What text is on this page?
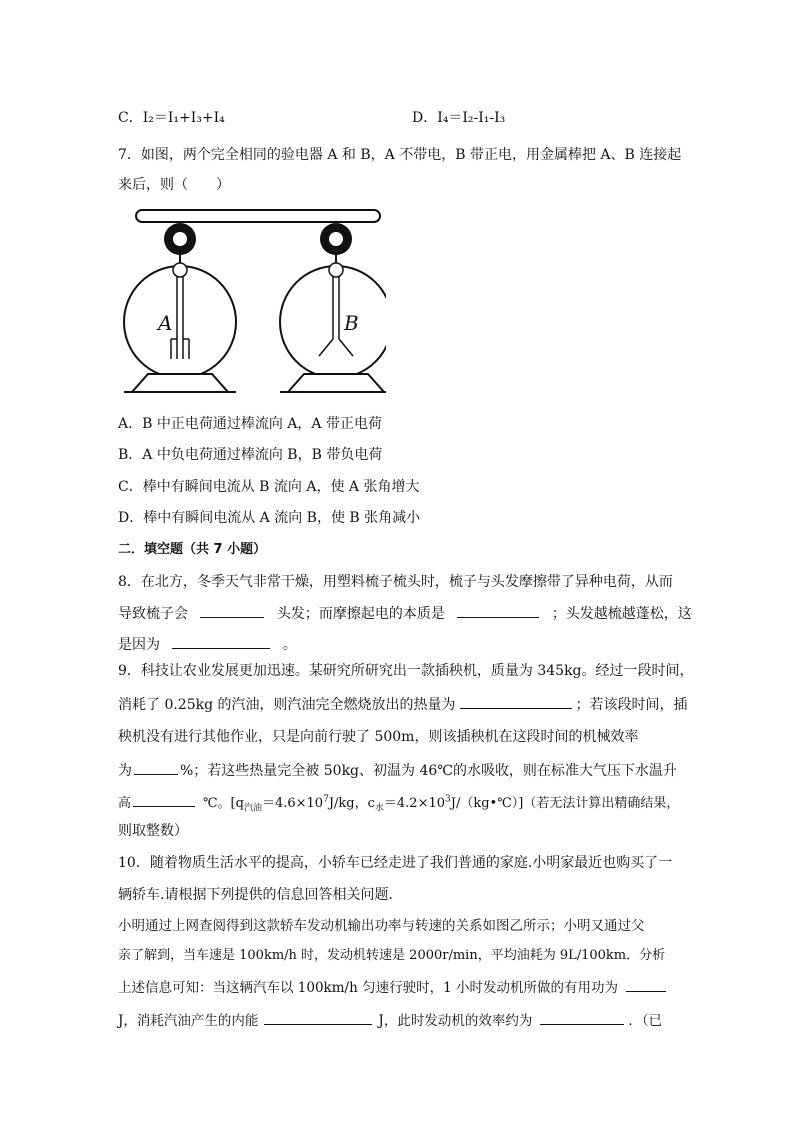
C．I₂＝I₁+I₃+I₄	D．I₄＝I₂-I₁-I₃
7．如图，两个完全相同的验电器 A 和 B，A 不带电，B 带正电，用金属棒把 A、B 连接起
来后，则（　　）
A	B
A．B 中正电荷通过棒流向 A，A 带正电荷
B．A 中负电荷通过棒流向 B，B 带负电荷
C．棒中有瞬间电流从 B 流向 A，使 A 张角增大
D．棒中有瞬间电流从 A 流向 B，使 B 张角减小
二．填空题（共 7 小题）
8．在北方，冬季天气非常干燥，用塑料梳子梳头时，梳子与头发摩擦带了异种电荷，从而
导致梳子会	头发；而摩擦起电的本质是	；头发越梳越蓬松，这
是因为	。
9．科技让农业发展更加迅速。某研究所研究出一款插秧机，质量为 345kg。经过一段时间，
消耗了 0.25kg 的汽油，则汽油完全燃烧放出的热量为	；若该段时间，插
秧机没有进行其他作业，只是向前行驶了 500m，则该插秧机在这段时间的机械效率
为	%；若这些热量完全被 50kg、初温为 46℃的水吸收，则在标准大气压下水温升
高	℃。[$q_{汽油}=4.6\times 10^7J/kg$，$c_水=4.2\times 10^3J/(kg•℃)$]（若无法计算出精确结果，
则取整数）
10．随着物质生活水平的提高，小轿车已经走进了我们普通的家庭.小明家最近也购买了一
辆轿车.请根据下列提供的信息回答相关问题．
小明通过上网查阅得到这款轿车发动机输出功率与转速的关系如图乙所示；小明又通过父
亲了解到，当车速是 100km/h 时，发动机转速是 2000r/min，平均油耗为 9L/100km．分析
上述信息可知：当这辆汽车以 100km/h 匀速行驶时，1 小时发动机所做的有用功为
J，消耗汽油产生的内能	J，此时发动机的效率约为	．（已
